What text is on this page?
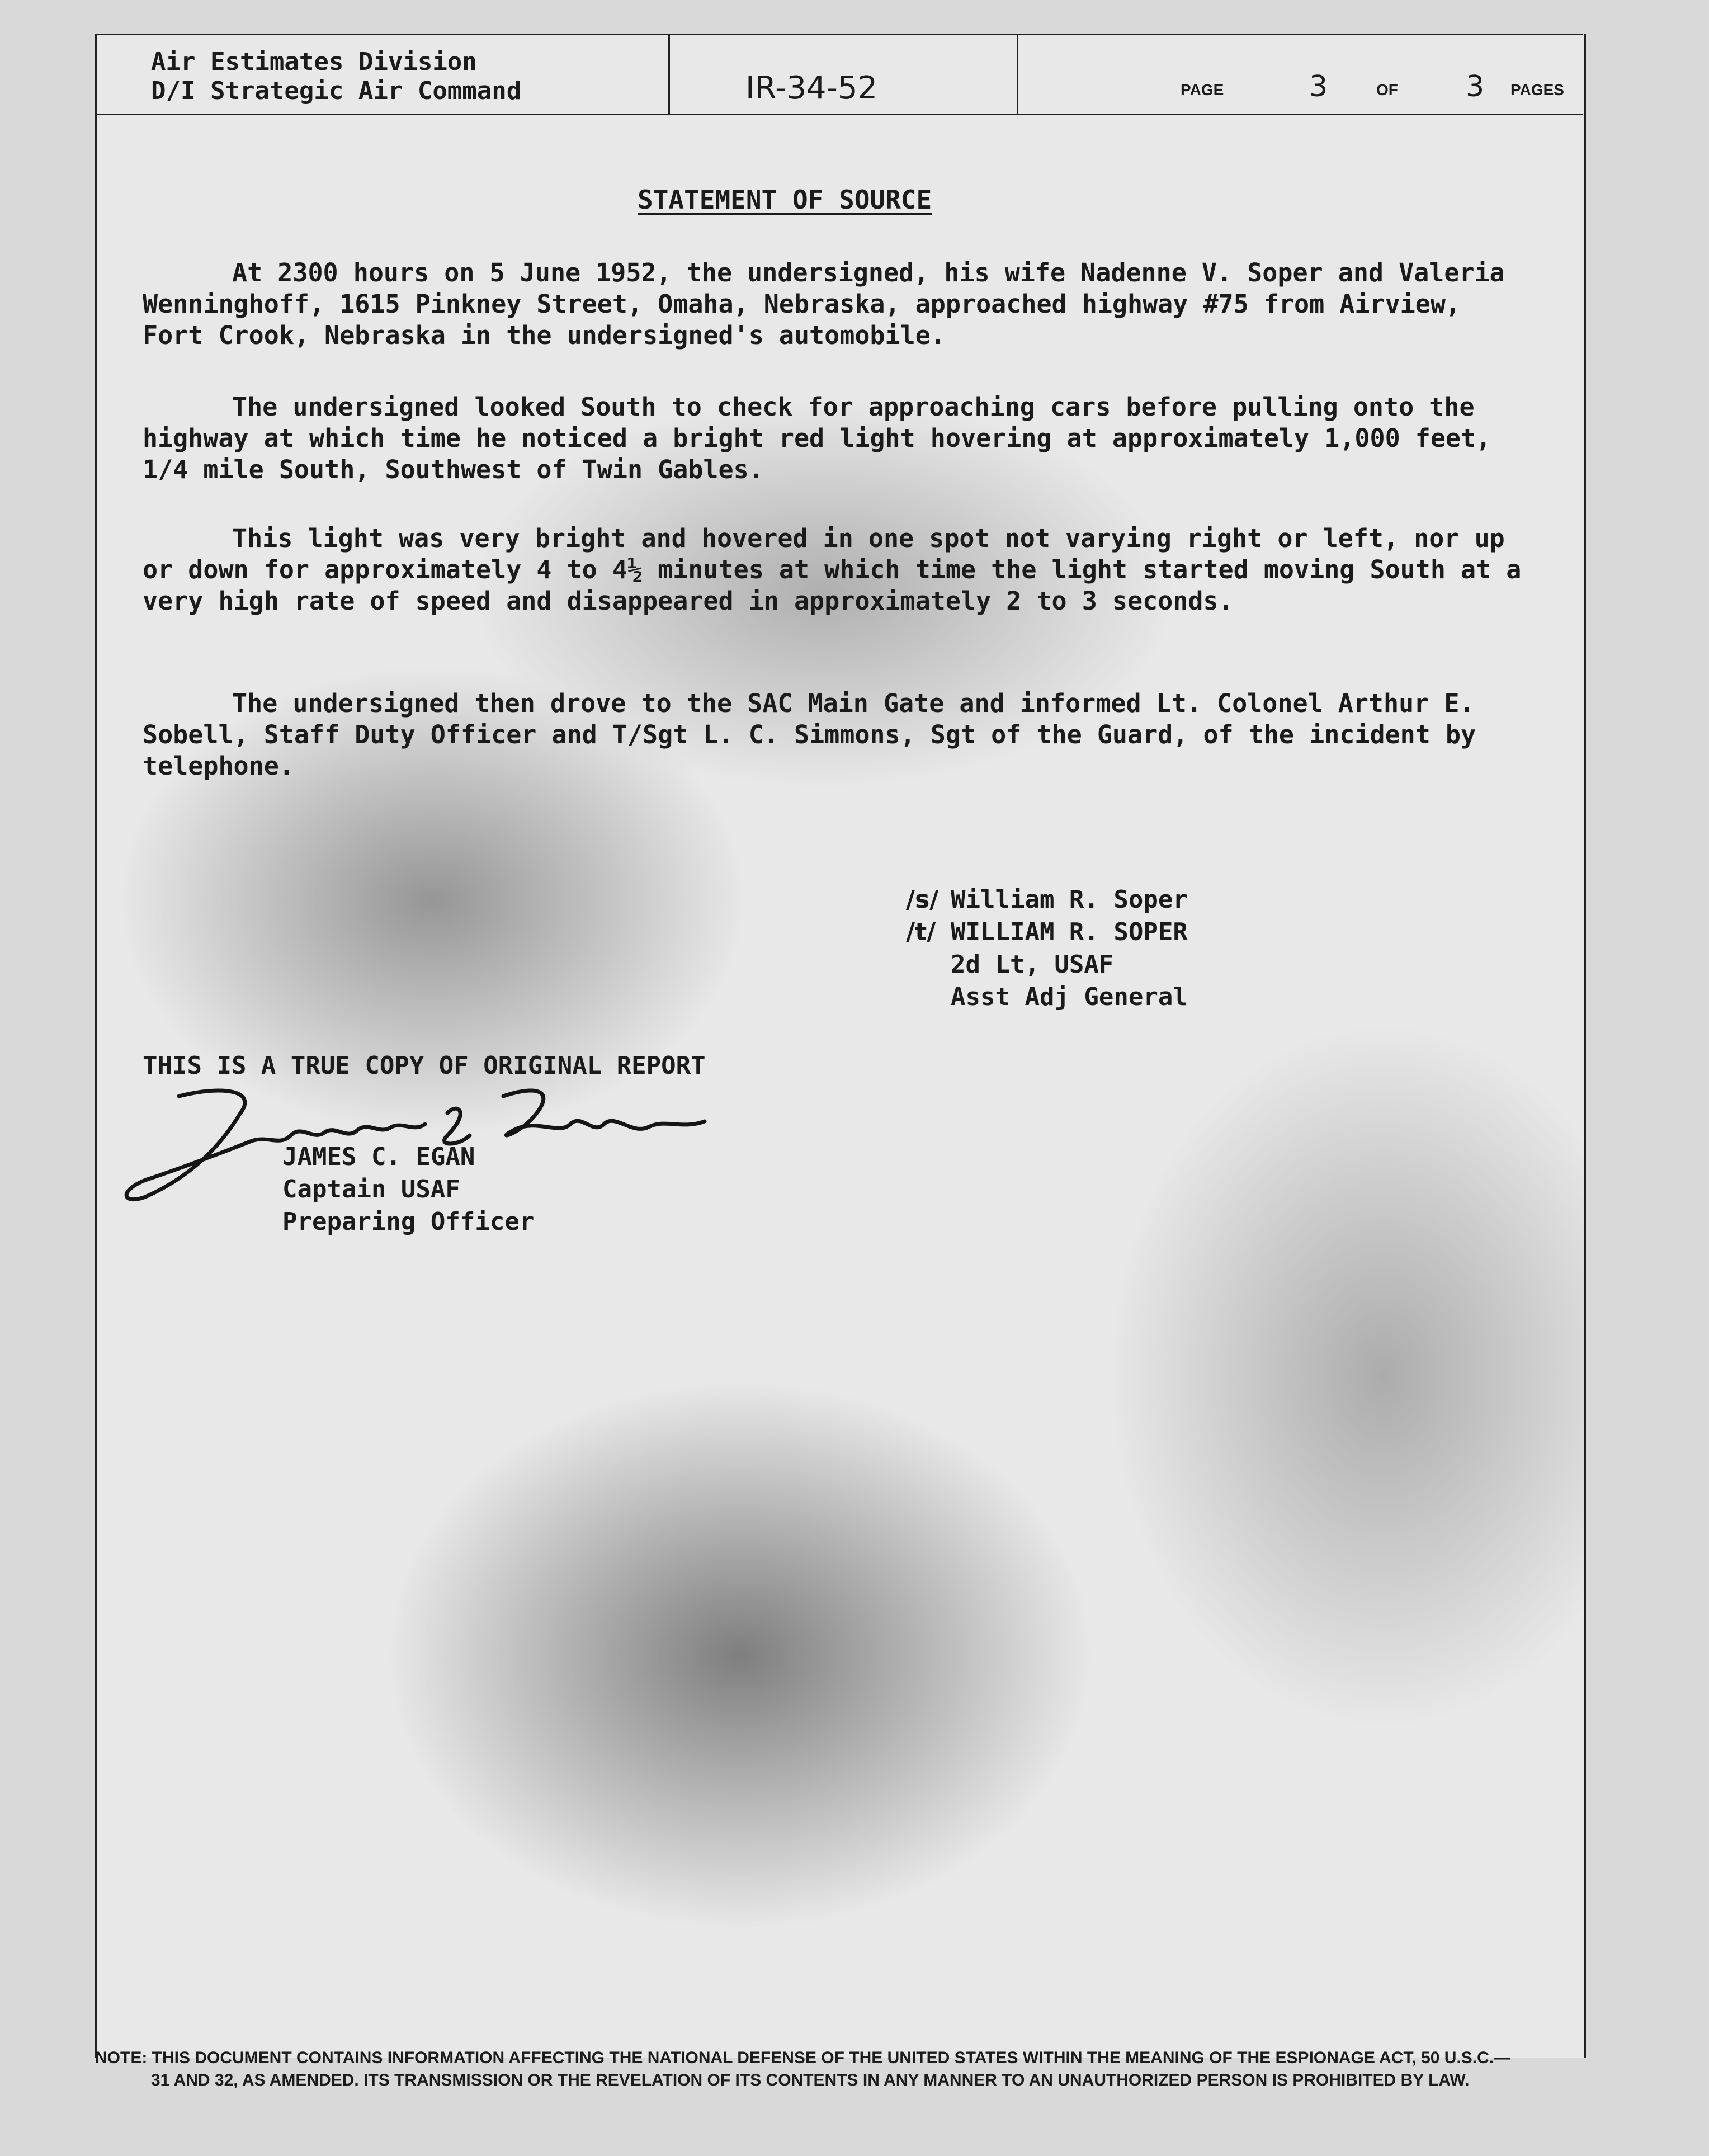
Air Estimates Division
D/I Strategic Air Command	IR-34-52	PAGE	3	OF 3 PAGES
STATEMENT OF SOURCE
At 2300 hours on 5 June 1952, the undersigned, his wife Nadenne V. Soper and Valeria Wenninghoff, 1615 Pinkney Street, Omaha, Nebraska, approached highway #75 from Airview, Fort Crook, Nebraska in the undersigned's automobile.
The undersigned looked South to check for approaching cars before pulling onto the highway at which time he noticed a bright red light hovering at approximately 1,000 feet, 1/4 mile South, Southwest of Twin Gables.
This light was very bright and hovered in one spot not varying right or left, nor up or down for approximately 4 to 4½ minutes at which time the light started moving South at a very high rate of speed and disappeared in approximately 2 to 3 seconds.
The undersigned then drove to the SAC Main Gate and informed Lt. Colonel Arthur E. Sobell, Staff Duty Officer and T/Sgt L. C. Simmons, Sgt of the Guard, of the incident by telephone.
/s/
/t/
William R. Soper
WILLIAM R. SOPER
2d Lt, USAF
Asst Adj General
THIS IS A TRUE COPY OF ORIGINAL REPORT
JAMES C. EGAN
Captain USAF
Preparing Officer
NOTE: THIS DOCUMENT CONTAINS INFORMATION AFFECTING THE NATIONAL DEFENSE OF THE UNITED STATES WITHIN THE MEANING OF THE ESPIONAGE ACT, 50 U.S.C.—
31 AND 32, AS AMENDED. ITS TRANSMISSION OR THE REVELATION OF ITS CONTENTS IN ANY MANNER TO AN UNAUTHORIZED PERSON IS PROHIBITED BY LAW.
